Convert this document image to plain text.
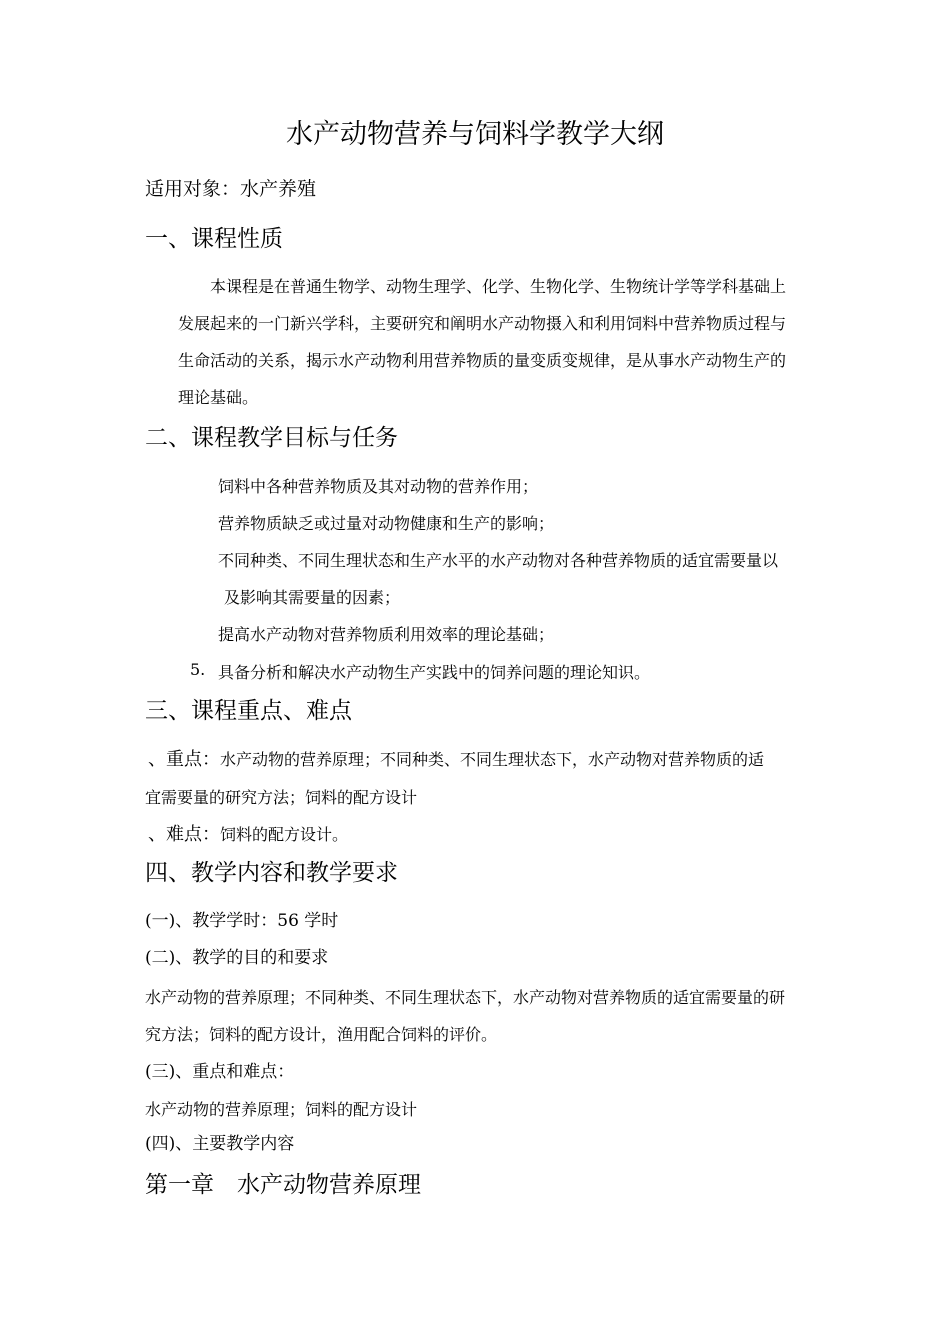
水产动物营养与饲料学教学大纲
适用对象：水产养殖
一、课程性质
本课程是在普通生物学、动物生理学、化学、生物化学、生物统计学等学科基础上
发展起来的一门新兴学科，主要研究和阐明水产动物摄入和利用饲料中营养物质过程与
生命活动的关系，揭示水产动物利用营养物质的量变质变规律，是从事水产动物生产的
理论基础。
二、课程教学目标与任务
饲料中各种营养物质及其对动物的营养作用；
营养物质缺乏或过量对动物健康和生产的影响；
不同种类、不同生理状态和生产水平的水产动物对各种营养物质的适宜需要量以
及影响其需要量的因素；
提高水产动物对营养物质利用效率的理论基础；
5. 具备分析和解决水产动物生产实践中的饲养问题的理论知识。
三、课程重点、难点
、重点：水产动物的营养原理；不同种类、不同生理状态下，水产动物对营养物质的适
宜需要量的研究方法；饲料的配方设计
、难点：饲料的配方设计。
四、教学内容和教学要求
(一)、教学学时：56 学时
(二)、教学的目的和要求
水产动物的营养原理；不同种类、不同生理状态下，水产动物对营养物质的适宜需要量的研
究方法；饲料的配方设计，渔用配合饲料的评价。
(三)、重点和难点：
水产动物的营养原理；饲料的配方设计
(四)、主要教学内容
第一章　水产动物营养原理
